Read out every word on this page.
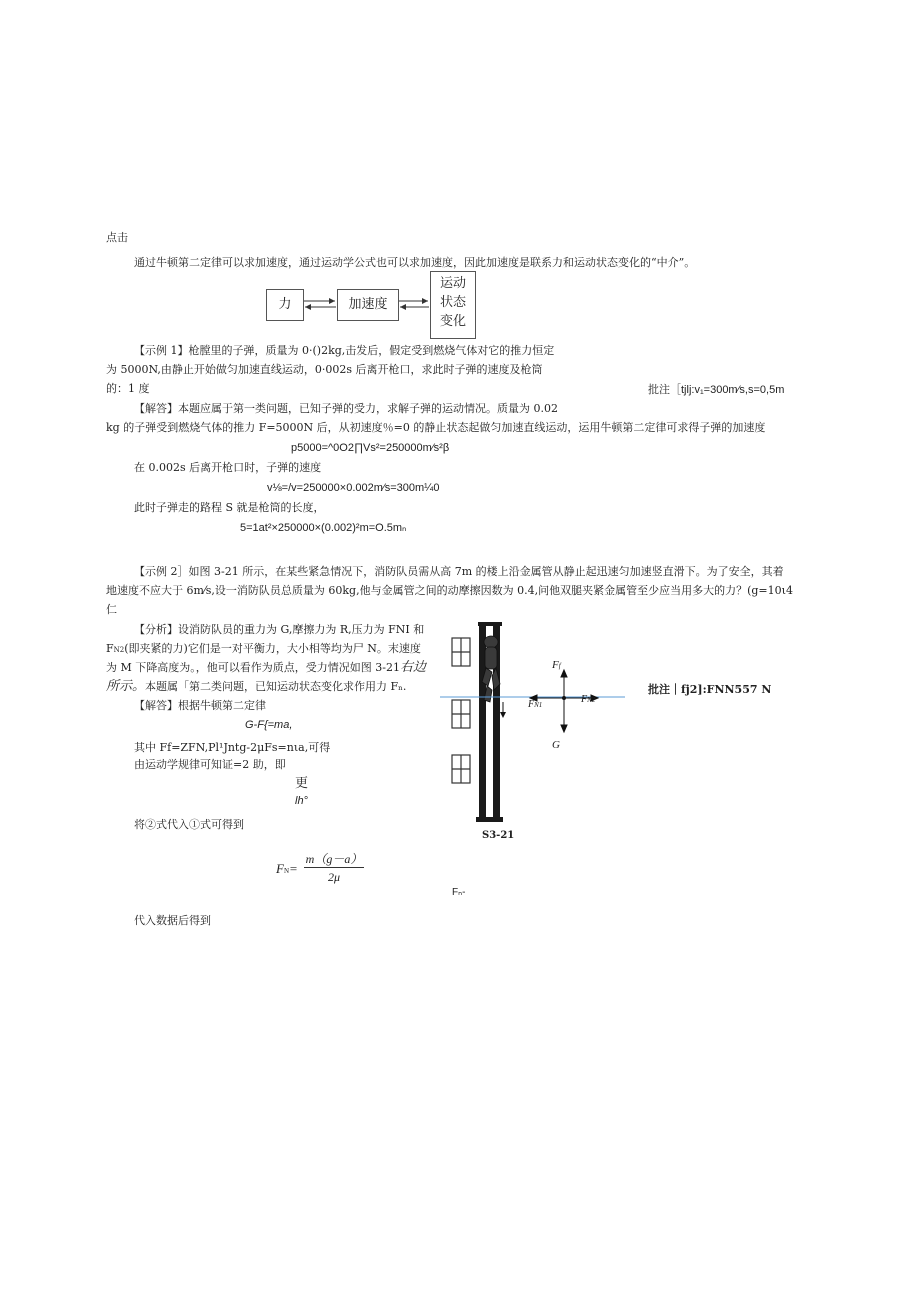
点击
通过牛顿第二定律可以求加速度，通过运动学公式也可以求加速度，因此加速度是联系力和运动状态变化的“中介”。
力	加速度
运动
状态
变化
【示例 1】枪膛里的子弹，质量为 0·()2kg,击发后，假定受到燃烧气体对它的推力恒定
为 5000N,由静止开始做匀加速直线运动，0·002s 后离开枪口，求此时子弹的速度及枪筒
的：1 度	批注［tjlj:v₁=300m⁄s,s=0,5m
【解答】本题应属于第一类问题，已知子弹的受力，求解子弹的运动情况。质量为 0.02
kg 的子弹受到燃烧气体的推力 F=5000N 后，从初速度％=0 的静止状态起做匀加速直线运动，运用牛顿第二定律可求得子弹的加速度
p5000=^0O2∏Vs²=250000m⁄s²β
在 0.002s 后离开枪口时，子弹的速度
v⅛=/v=250000×0.002m⁄s=300m¼0
此时子弹走的路程 S 就是枪筒的长度，
5=1at²×250000×(0.002)²m=O.5mₙ
【示例 2］如图 3-21 所示，在某些紧急情况下，消防队员需从高 7m 的楼上沿金属管从静止起迅速匀加速竖直滑下。为了安全，其着
地速度不应大于 6m⁄s,设一消防队员总质量为 60kg,他与金属管之间的动摩擦因数为 0.4,问他双腿夹紧金属管至少应当用多大的力？(g=10ι4
仁
【分析】设消防队员的重力为 G,摩擦力为 R,压力为 FNI 和
FN2(即夹紧的力)它们是一对平衡力，大小相等均为尸 N。末速度
为 M 下降高度为。，他可以看作为质点，受力情况如图 3-21右边
所示。本题属「第二类问题，已知运动状态变化求作用力 Fₙ.
【解答】根据牛顿第二定律
G-F{=ma,
其中 Ff=ZFN,Pl¹Jntg-2μFs=nιa,可得
由运动学规律可知证=2 助，即
更
lh°
将②式代入①式可得到
FN=
m（g－a）
2μ
Fₙ-
代入数据后得到
Ff
FN1	FN2
G
S3-21
批注｜fj2]:FNN557 N
